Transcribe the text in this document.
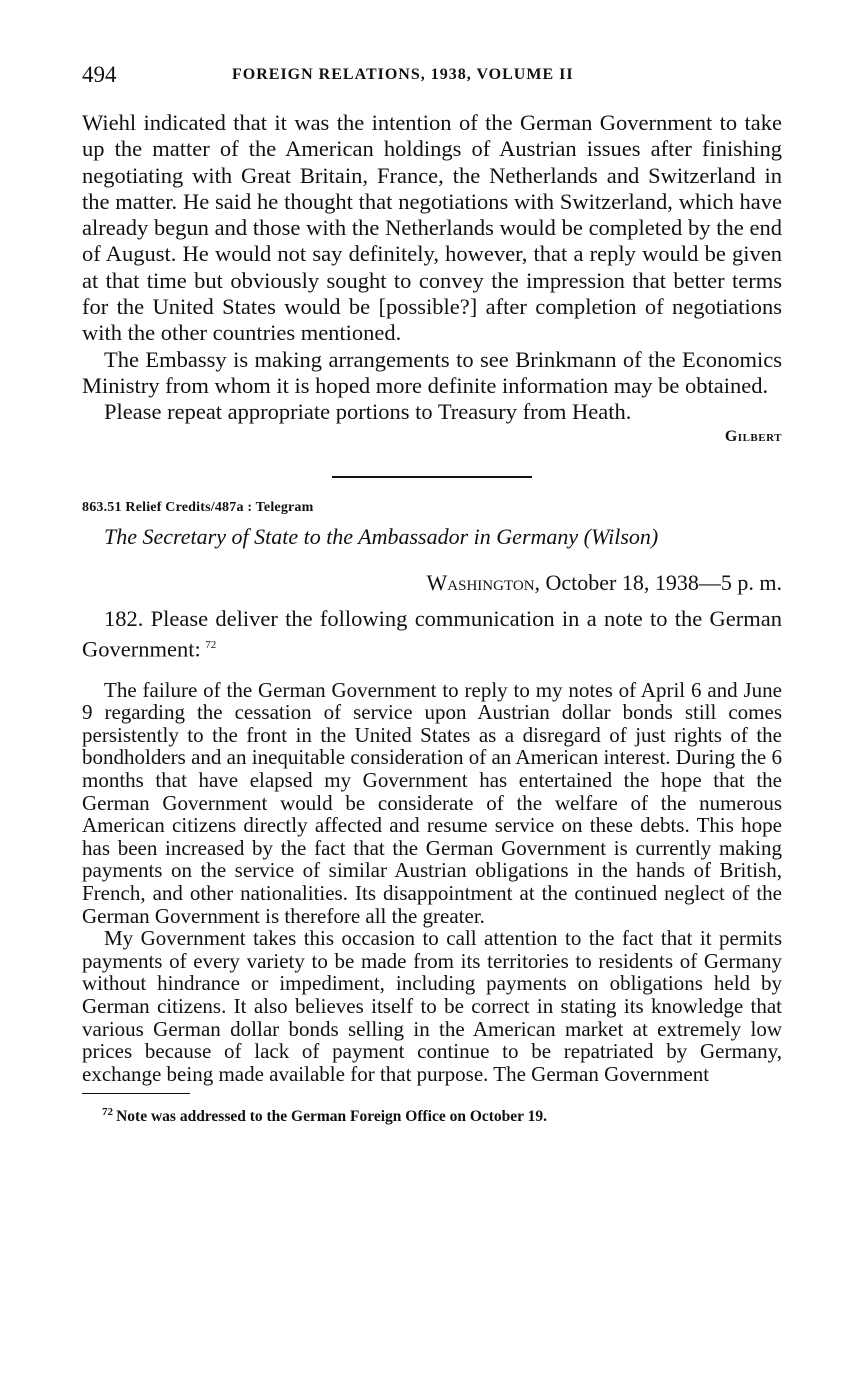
494	FOREIGN RELATIONS, 1938, VOLUME II

Wiehl indicated that it was the intention of the German Government to take up the matter of the American holdings of Austrian issues after finishing negotiating with Great Britain, France, the Netherlands and Switzerland in the matter. He said he thought that negotiations with Switzerland, which have already begun and those with the Netherlands would be completed by the end of August. He would not say definitely, however, that a reply would be given at that time but obviously sought to convey the impression that better terms for the United States would be [possible?] after completion of negotiations with the other countries mentioned.

The Embassy is making arrangements to see Brinkmann of the Economics Ministry from whom it is hoped more definite information may be obtained.

Please repeat appropriate portions to Treasury from Heath.

Gilbert
863.51 Relief Credits/487a : Telegram
The Secretary of State to the Ambassador in Germany (Wilson)
Washington, October 18, 1938—5 p. m.

182. Please deliver the following communication in a note to the German Government:  $^{72}$

The failure of the German Government to reply to my notes of April 6 and June 9 regarding the cessation of service upon Austrian dollar bonds still comes persistently to the front in the United States as a disregard of just rights of the bondholders and an inequitable consideration of an American interest. During the 6 months that have elapsed my Government has entertained the hope that the German Government would be considerate of the welfare of the numerous American citizens directly affected and resume service on these debts. This hope has been increased by the fact that the German Government is currently making payments on the service of similar Austrian obligations in the hands of British, French, and other nationalities. Its disappointment at the continued neglect of the German Government is therefore all the greater.

My Government takes this occasion to call attention to the fact that it permits payments of every variety to be made from its territories to residents of Germany without hindrance or impediment, including payments on obligations held by German citizens. It also believes itself to be correct in stating its knowledge that various German dollar bonds selling in the American market at extremely low prices because of lack of payment continue to be repatriated by Germany, exchange being made available for that purpose. The German Government

$^{72}$  Note was addressed to the German Foreign Office on October 19.
